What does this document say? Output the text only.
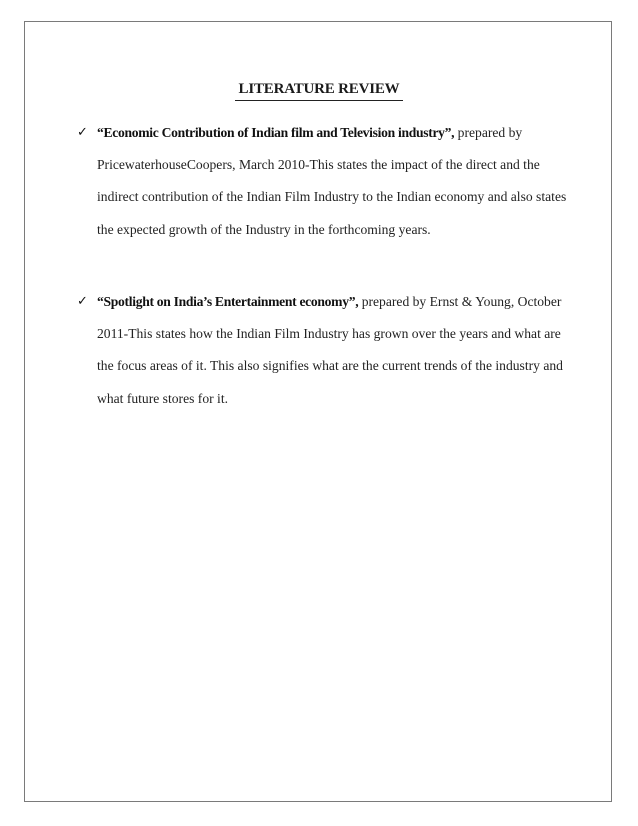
LITERATURE REVIEW
✓ “Economic Contribution of Indian film and Television industry”, prepared by PricewaterhouseCoopers, March 2010-This states the impact of the direct and the indirect contribution of the Indian Film Industry to the Indian economy and also states the expected growth of the Industry in the forthcoming years.
✓ “Spotlight on India’s Entertainment economy”, prepared by Ernst & Young, October 2011-This states how the Indian Film Industry has grown over the years and what are the focus areas of it. This also signifies what are the current trends of the industry and what future stores for it.
